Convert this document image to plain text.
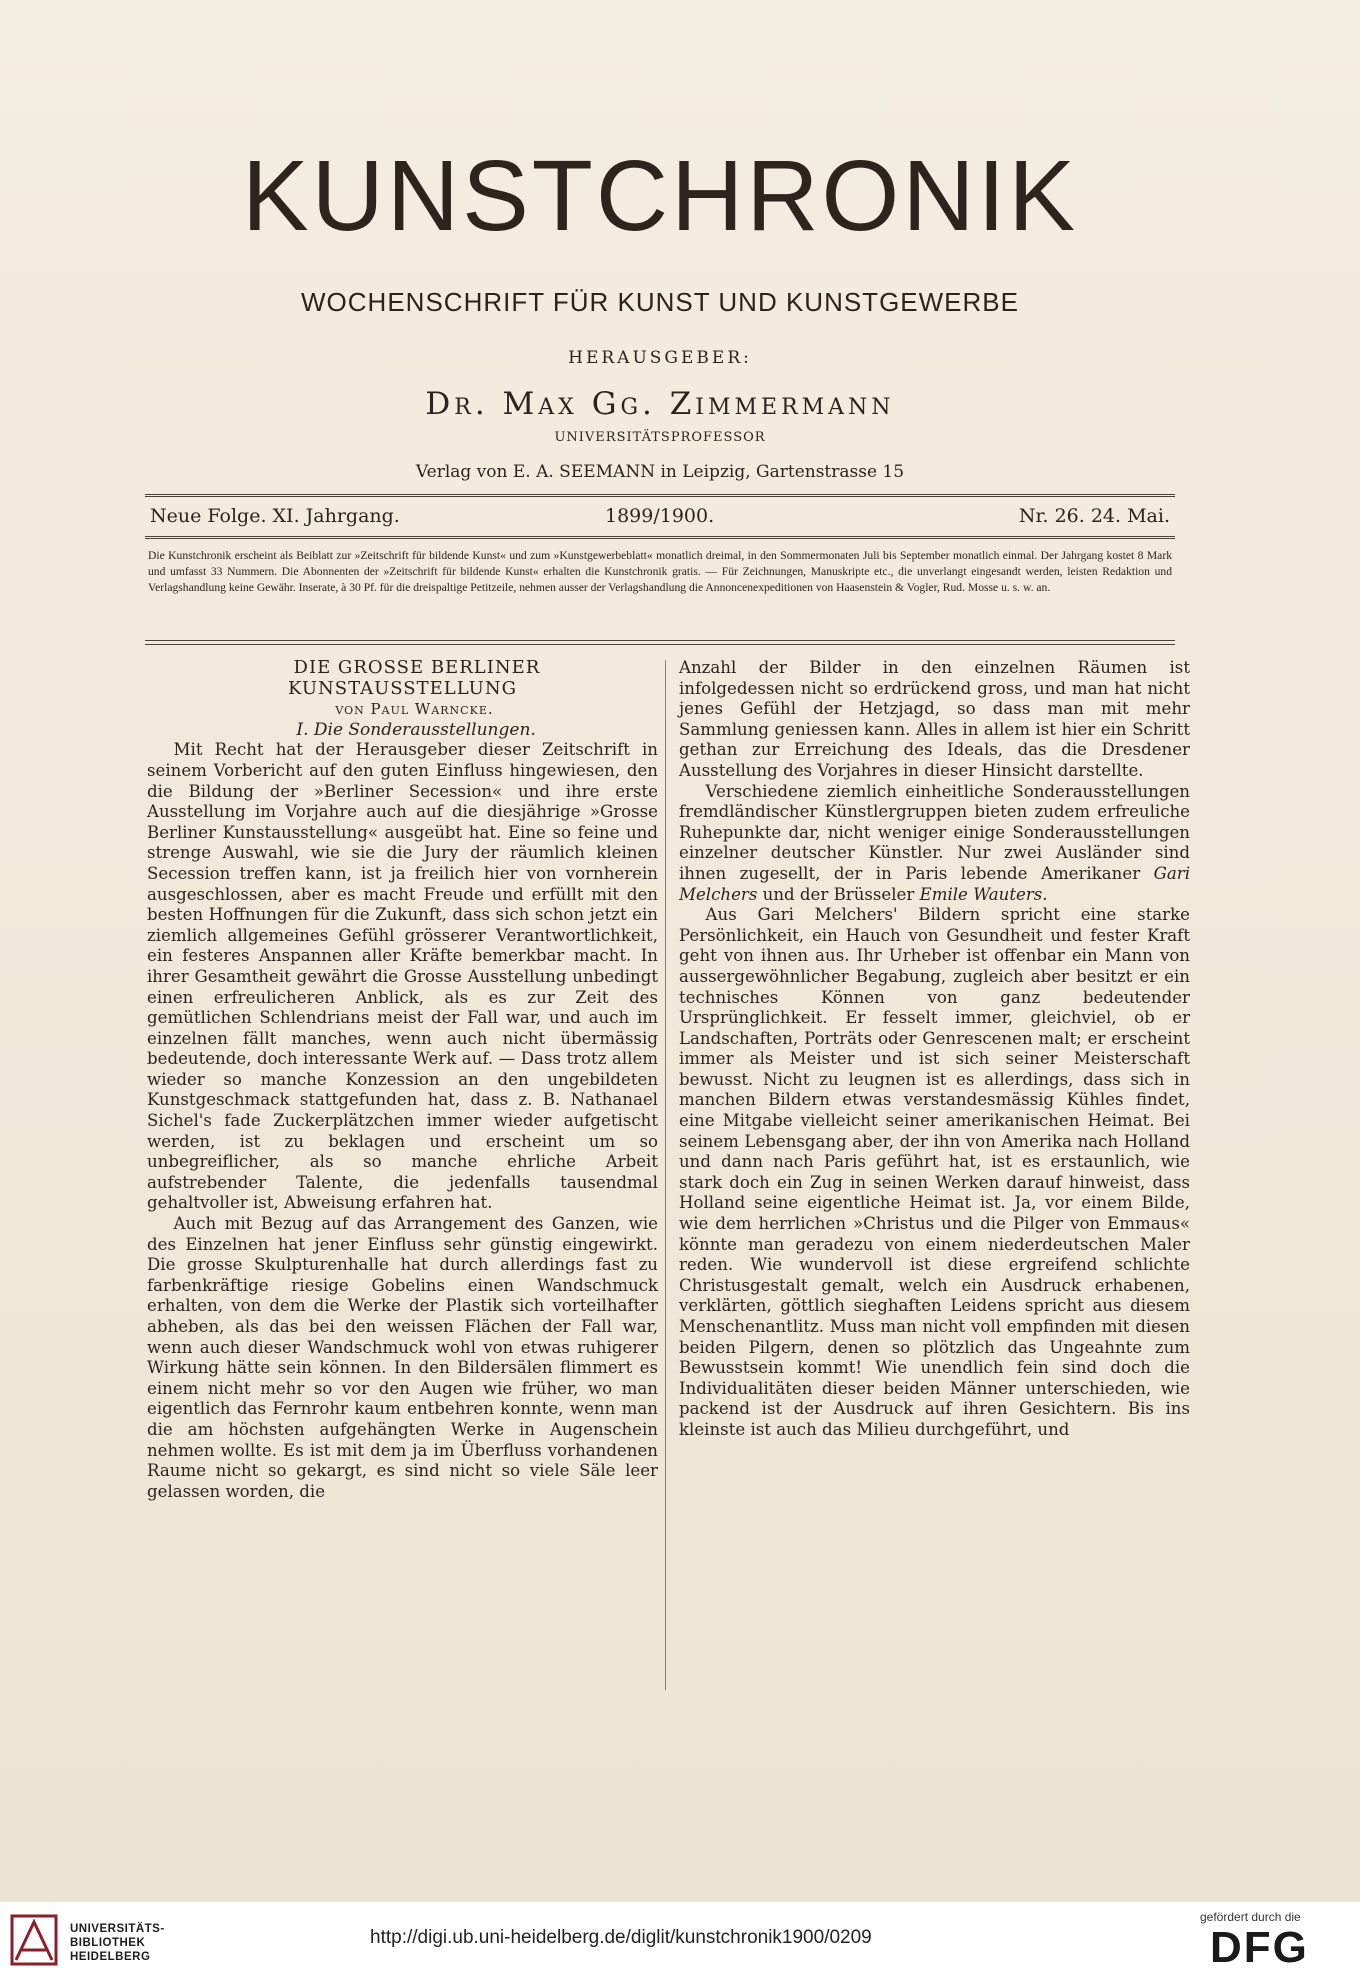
KUNSTCHRONIK
WOCHENSCHRIFT FÜR KUNST UND KUNSTGEWERBE
HERAUSGEBER:
Dr. Max Gg. Zimmermann
UNIVERSITÄTSPROFESSOR
Verlag von E. A. SEEMANN in Leipzig, Gartenstrasse 15
Neue Folge. XI. Jahrgang.	1899/1900.	Nr. 26. 24. Mai.

Die Kunstchronik erscheint als Beiblatt zur »Zeitschrift für bildende Kunst« und zum »Kunstgewerbeblatt« monatlich dreimal, in den Sommermonaten Juli bis September monatlich einmal. Der Jahrgang kostet 8 Mark und umfasst 33 Nummern. Die Abonnenten der »Zeitschrift für bildende Kunst« erhalten die Kunstchronik gratis. — Für Zeichnungen, Manuskripte etc., die unverlangt eingesandt werden, leisten Redaktion und Verlagshandlung keine Gewähr. Inserate, à 30 Pf. für die dreispaltige Petitzeile, nehmen ausser der Verlagshandlung die Annoncenexpeditionen von Haasenstein & Vogler, Rud. Mosse u. s. w. an.

DIE GROSSE BERLINER KUNSTAUSSTELLUNG

von Paul Warncke.

I. Die Sonderausstellungen.

Mit Recht hat der Herausgeber dieser Zeitschrift in seinem Vorbericht auf den guten Einfluss hingewiesen, den die Bildung der »Berliner Secession« und ihre erste Ausstellung im Vorjahre auch auf die diesjährige »Grosse Berliner Kunstausstellung« ausgeübt hat. Eine so feine und strenge Auswahl, wie sie die Jury der räumlich kleinen Secession treffen kann, ist ja freilich hier von vornherein ausgeschlossen, aber es macht Freude und erfüllt mit den besten Hoffnungen für die Zukunft, dass sich schon jetzt ein ziemlich allgemeines Gefühl grösserer Verantwortlichkeit, ein festeres Anspannen aller Kräfte bemerkbar macht. In ihrer Gesamtheit gewährt die Grosse Ausstellung unbedingt einen erfreulicheren Anblick, als es zur Zeit des gemütlichen Schlendrians meist der Fall war, und auch im einzelnen fällt manches, wenn auch nicht übermässig bedeutende, doch interessante Werk auf. — Dass trotz allem wieder so manche Konzession an den ungebildeten Kunstgeschmack stattgefunden hat, dass z. B. Nathanael Sichel's fade Zuckerplätzchen immer wieder aufgetischt werden, ist zu beklagen und erscheint um so unbegreiflicher, als so manche ehrliche Arbeit aufstrebender Talente, die jedenfalls tausendmal gehaltvoller ist, Abweisung erfahren hat.

Auch mit Bezug auf das Arrangement des Ganzen, wie des Einzelnen hat jener Einfluss sehr günstig eingewirkt. Die grosse Skulpturenhalle hat durch allerdings fast zu farbenkräftige riesige Gobelins einen Wandschmuck erhalten, von dem die Werke der Plastik sich vorteilhafter abheben, als das bei den weissen Flächen der Fall war, wenn auch dieser Wandschmuck wohl von etwas ruhigerer Wirkung hätte sein können. In den Bildersälen flimmert es einem nicht mehr so vor den Augen wie früher, wo man eigentlich das Fernrohr kaum entbehren konnte, wenn man die am höchsten aufgehängten Werke in Augenschein nehmen wollte. Es ist mit dem ja im Überfluss vorhandenen Raume nicht so gekargt, es sind nicht so viele Säle leer gelassen worden, die

Anzahl der Bilder in den einzelnen Räumen ist infolgedessen nicht so erdrückend gross, und man hat nicht jenes Gefühl der Hetzjagd, so dass man mit mehr Sammlung geniessen kann. Alles in allem ist hier ein Schritt gethan zur Erreichung des Ideals, das die Dresdener Ausstellung des Vorjahres in dieser Hinsicht darstellte.

Verschiedene ziemlich einheitliche Sonderausstellungen fremdländischer Künstlergruppen bieten zudem erfreuliche Ruhepunkte dar, nicht weniger einige Sonderausstellungen einzelner deutscher Künstler. Nur zwei Ausländer sind ihnen zugesellt, der in Paris lebende Amerikaner Gari Melchers und der Brüsseler Emile Wauters.

Aus Gari Melchers' Bildern spricht eine starke Persönlichkeit, ein Hauch von Gesundheit und fester Kraft geht von ihnen aus. Ihr Urheber ist offenbar ein Mann von aussergewöhnlicher Begabung, zugleich aber besitzt er ein technisches Können von ganz bedeutender Ursprünglichkeit. Er fesselt immer, gleichviel, ob er Landschaften, Porträts oder Genrescenen malt; er erscheint immer als Meister und ist sich seiner Meisterschaft bewusst. Nicht zu leugnen ist es allerdings, dass sich in manchen Bildern etwas verstandesmässig Kühles findet, eine Mitgabe vielleicht seiner amerikanischen Heimat. Bei seinem Lebensgang aber, der ihn von Amerika nach Holland und dann nach Paris geführt hat, ist es erstaunlich, wie stark doch ein Zug in seinen Werken darauf hinweist, dass Holland seine eigentliche Heimat ist. Ja, vor einem Bilde, wie dem herrlichen »Christus und die Pilger von Emmaus« könnte man geradezu von einem niederdeutschen Maler reden. Wie wundervoll ist diese ergreifend schlichte Christusgestalt gemalt, welch ein Ausdruck erhabenen, verklärten, göttlich sieghaften Leidens spricht aus diesem Menschenantlitz. Muss man nicht voll empfinden mit diesen beiden Pilgern, denen so plötzlich das Ungeahnte zum Bewusstsein kommt! Wie unendlich fein sind doch die Individualitäten dieser beiden Männer unterschieden, wie packend ist der Ausdruck auf ihren Gesichtern. Bis ins kleinste ist auch das Milieu durchgeführt, und

UNIVERSITÄTS-
BIBLIOTHEK
HEIDELBERG
http://digi.ub.uni-heidelberg.de/diglit/kunstchronik1900/0209
gefördert durch die
DFG
